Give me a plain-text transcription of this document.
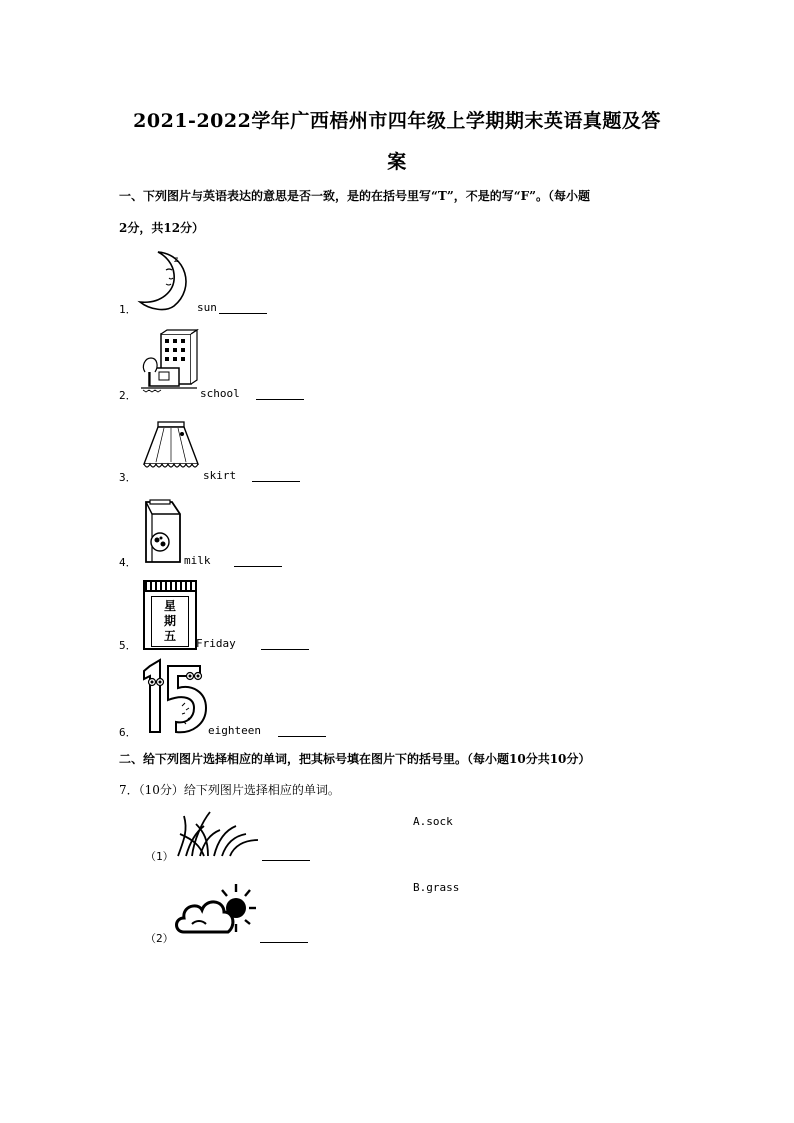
2021-2022学年广西梧州市四年级上学期期末英语真题及答
案
一、下列图片与英语表达的意思是否一致，是的在括号里写“T”，不是的写“F”。（每小题
2分，共12分）
1．
z
sun
2．	school
3．	skirt
4．	milk
5．
星
期
五
Friday
6．	eighteen
二、给下列图片选择相应的单词，把其标号填在图片下的括号里。（每小题10分共10分）
7．（10分）给下列图片选择相应的单词。
（1）
A.sock
（2）
B.grass
